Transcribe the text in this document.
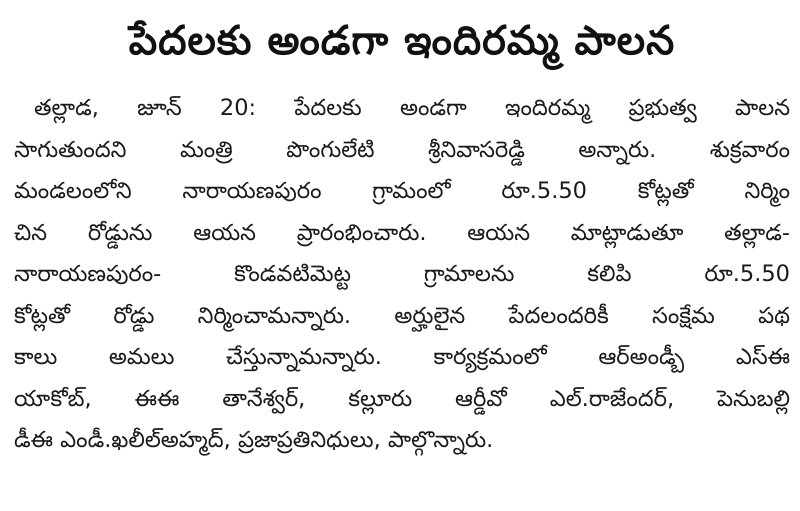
పేదలకు అండగా ఇందిరమ్మ పాలన
తల్లాడ, జూన్ 20: పేదలకు అండగా ఇందిరమ్మ ప్రభుత్వ పాలన
సాగుతుందని మంత్రి పొంగులేటి శ్రీనివాసరెడ్డి అన్నారు. శుక్రవారం
మండలంలోని నారాయణపురం గ్రామంలో రూ.5.50 కోట్లతో నిర్మిం
చిన రోడ్డును ఆయన ప్రారంభించారు. ఆయన మాట్లాడుతూ తల్లాడ-
నారాయణపురం- కొండవటిమెట్ట గ్రామాలను కలిపి రూ.5.50
కోట్లతో రోడ్డు నిర్మించామన్నారు. అర్హులైన పేదలందరికీ సంక్షేమ పథ
కాలు అమలు చేస్తున్నామన్నారు. కార్యక్రమంలో ఆర్అండ్బీ ఎస్ఈ
యాకోబ్, ఈఈ తానేశ్వర్, కల్లూరు ఆర్డీవో ఎల్.రాజేందర్, పెనుబల్లి
డీఈ ఎండీ.ఖలీల్అహ్మద్, ప్రజాప్రతినిధులు, పాల్గొన్నారు.
